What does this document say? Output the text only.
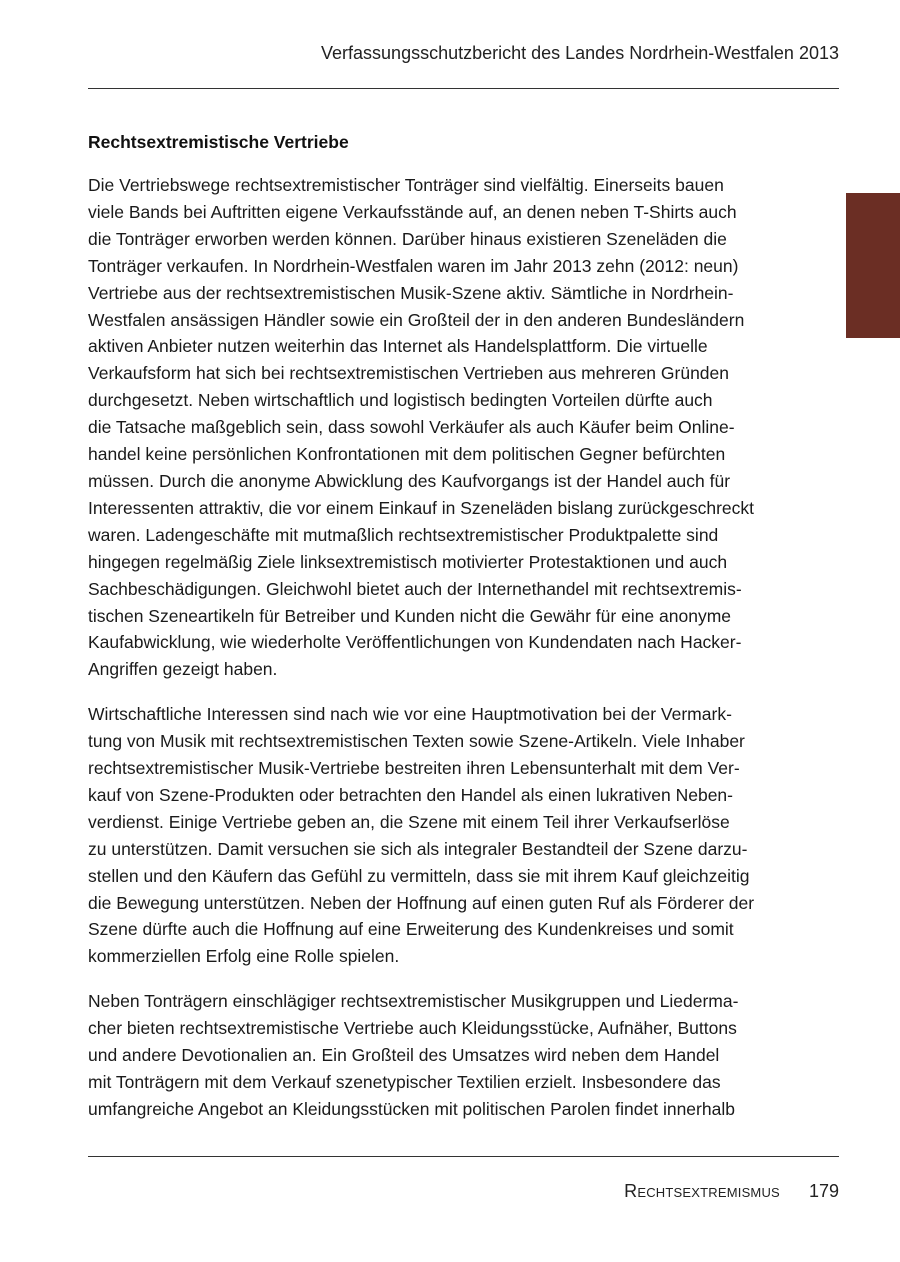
Verfassungsschutzbericht des Landes Nordrhein-Westfalen 2013
Rechtsextremistische Vertriebe

Die Vertriebswege rechtsextremistischer Tonträger sind vielfältig. Einerseits bauen
viele Bands bei Auftritten eigene Verkaufsstände auf, an denen neben T-Shirts auch
die Tonträger erworben werden können. Darüber hinaus existieren Szeneläden die
Tonträger verkaufen. In Nordrhein-Westfalen waren im Jahr 2013 zehn (2012: neun)
Vertriebe aus der rechtsextremistischen Musik-Szene aktiv. Sämtliche in Nordrhein-
Westfalen ansässigen Händler sowie ein Großteil der in den anderen Bundesländern
aktiven Anbieter nutzen weiterhin das Internet als Handelsplattform. Die virtuelle
Verkaufsform hat sich bei rechtsextremistischen Vertrieben aus mehreren Gründen
durchgesetzt. Neben wirtschaftlich und logistisch bedingten Vorteilen dürfte auch
die Tatsache maßgeblich sein, dass sowohl Verkäufer als auch Käufer beim Online-
handel keine persönlichen Konfrontationen mit dem politischen Gegner befürchten
müssen. Durch die anonyme Abwicklung des Kaufvorgangs ist der Handel auch für
Interessenten attraktiv, die vor einem Einkauf in Szeneläden bislang zurückgeschreckt
waren. Ladengeschäfte mit mutmaßlich rechtsextremistischer Produktpalette sind
hingegen regelmäßig Ziele linksextremistisch motivierter Protestaktionen und auch
Sachbeschädigungen. Gleichwohl bietet auch der Internethandel mit rechtsextremis-
tischen Szeneartikeln für Betreiber und Kunden nicht die Gewähr für eine anonyme
Kaufabwicklung, wie wiederholte Veröffentlichungen von Kundendaten nach Hacker-
Angriffen gezeigt haben.

Wirtschaftliche Interessen sind nach wie vor eine Hauptmotivation bei der Vermark-
tung von Musik mit rechtsextremistischen Texten sowie Szene-Artikeln. Viele Inhaber
rechtsextremistischer Musik-Vertriebe bestreiten ihren Lebensunterhalt mit dem Ver-
kauf von Szene-Produkten oder betrachten den Handel als einen lukrativen Neben-
verdienst. Einige Vertriebe geben an, die Szene mit einem Teil ihrer Verkaufserlöse
zu unterstützen. Damit versuchen sie sich als integraler Bestandteil der Szene darzu-
stellen und den Käufern das Gefühl zu vermitteln, dass sie mit ihrem Kauf gleichzeitig
die Bewegung unterstützen. Neben der Hoffnung auf einen guten Ruf als Förderer der
Szene dürfte auch die Hoffnung auf eine Erweiterung des Kundenkreises und somit
kommerziellen Erfolg eine Rolle spielen.

Neben Tonträgern einschlägiger rechtsextremistischer Musikgruppen und Liederma-
cher bieten rechtsextremistische Vertriebe auch Kleidungsstücke, Aufnäher, Buttons
und andere Devotionalien an. Ein Großteil des Umsatzes wird neben dem Handel
mit Tonträgern mit dem Verkauf szenetypischer Textilien erzielt. Insbesondere das
umfangreiche Angebot an Kleidungsstücken mit politischen Parolen findet innerhalb

Rechtsextremismus 179
